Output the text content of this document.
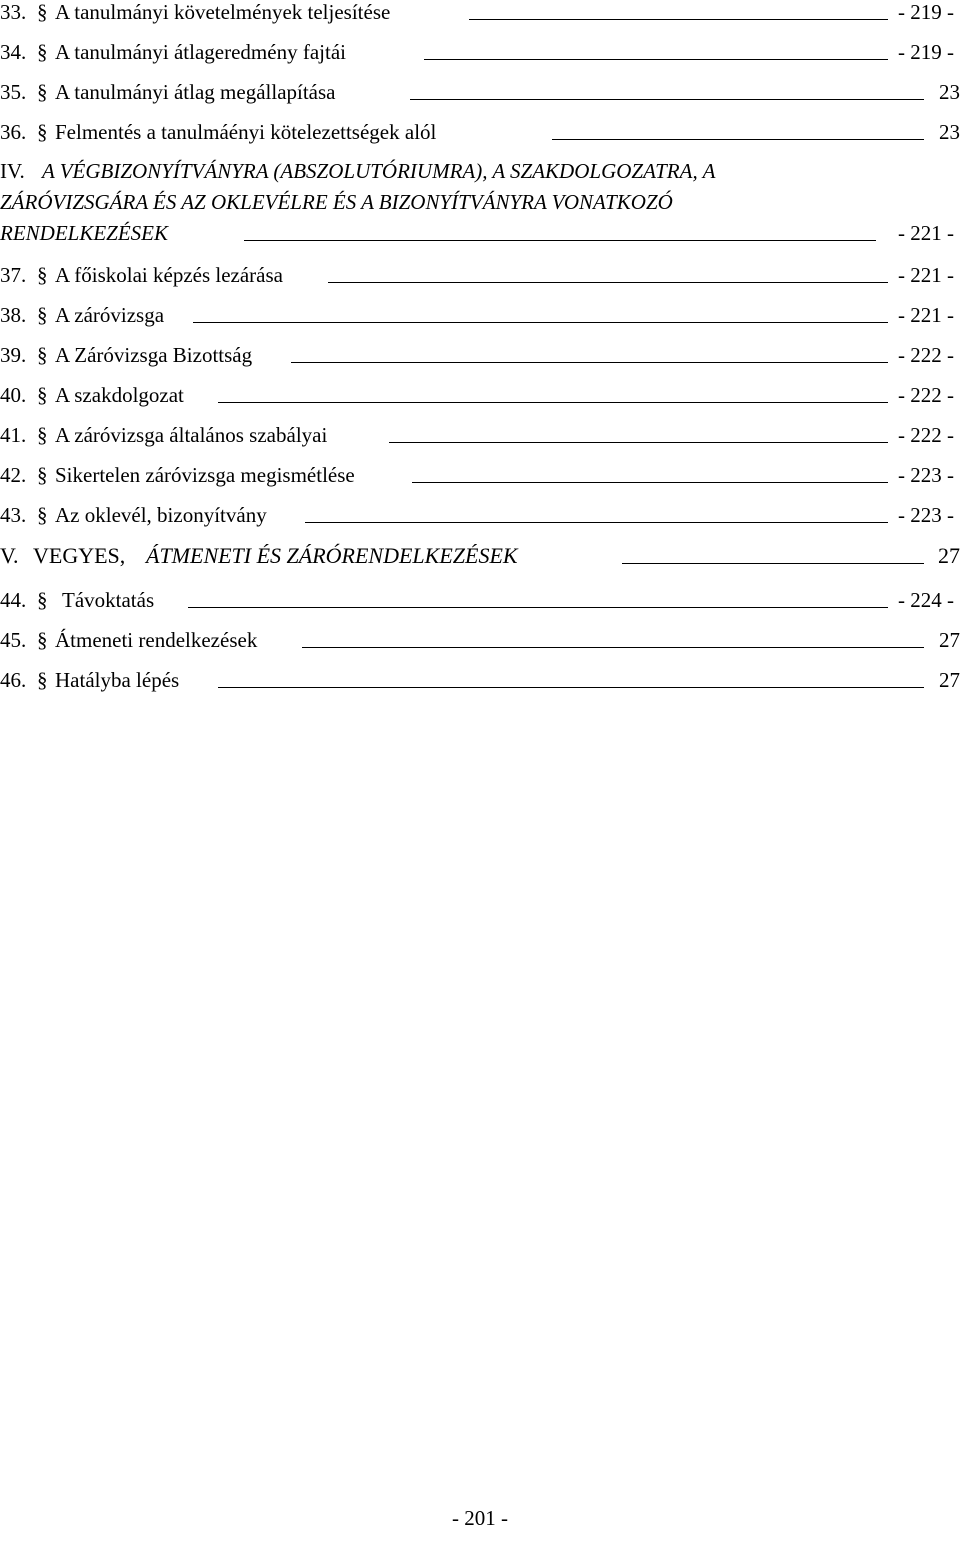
33. § A tanulmányi követelmények teljesítése	- 219 -
34. § A tanulmányi átlageredmény fajtái	- 219 -
35. § A tanulmányi átlag megállapítása	23
36. § Felmentés a tanulmáényi kötelezettségek alól	23
IV. A VÉGBIZONYÍTVÁNYRA (ABSZOLUTÓRIUMRA), A SZAKDOLGOZATRA, A
ZÁRÓVIZSGÁRA ÉS AZ OKLEVÉLRE ÉS A BIZONYÍTVÁNYRA VONATKOZÓ
RENDELKEZÉSEK	- 221 -
37. § A főiskolai képzés lezárása	- 221 -
38. § A záróvizsga	- 221 -
39. § A Záróvizsga Bizottság	- 222 -
40. § A szakdolgozat	- 222 -
41. § A záróvizsga általános szabályai	- 222 -
42. § Sikertelen záróvizsga megismétlése	- 223 -
43. § Az oklevél, bizonyítvány	- 223 -
V. VEGYES, ÁTMENETI ÉS ZÁRÓRENDELKEZÉSEK	27
44. § Távoktatás	- 224 -
45. § Átmeneti rendelkezések	27
46. § Hatályba lépés	27
- 201 -
